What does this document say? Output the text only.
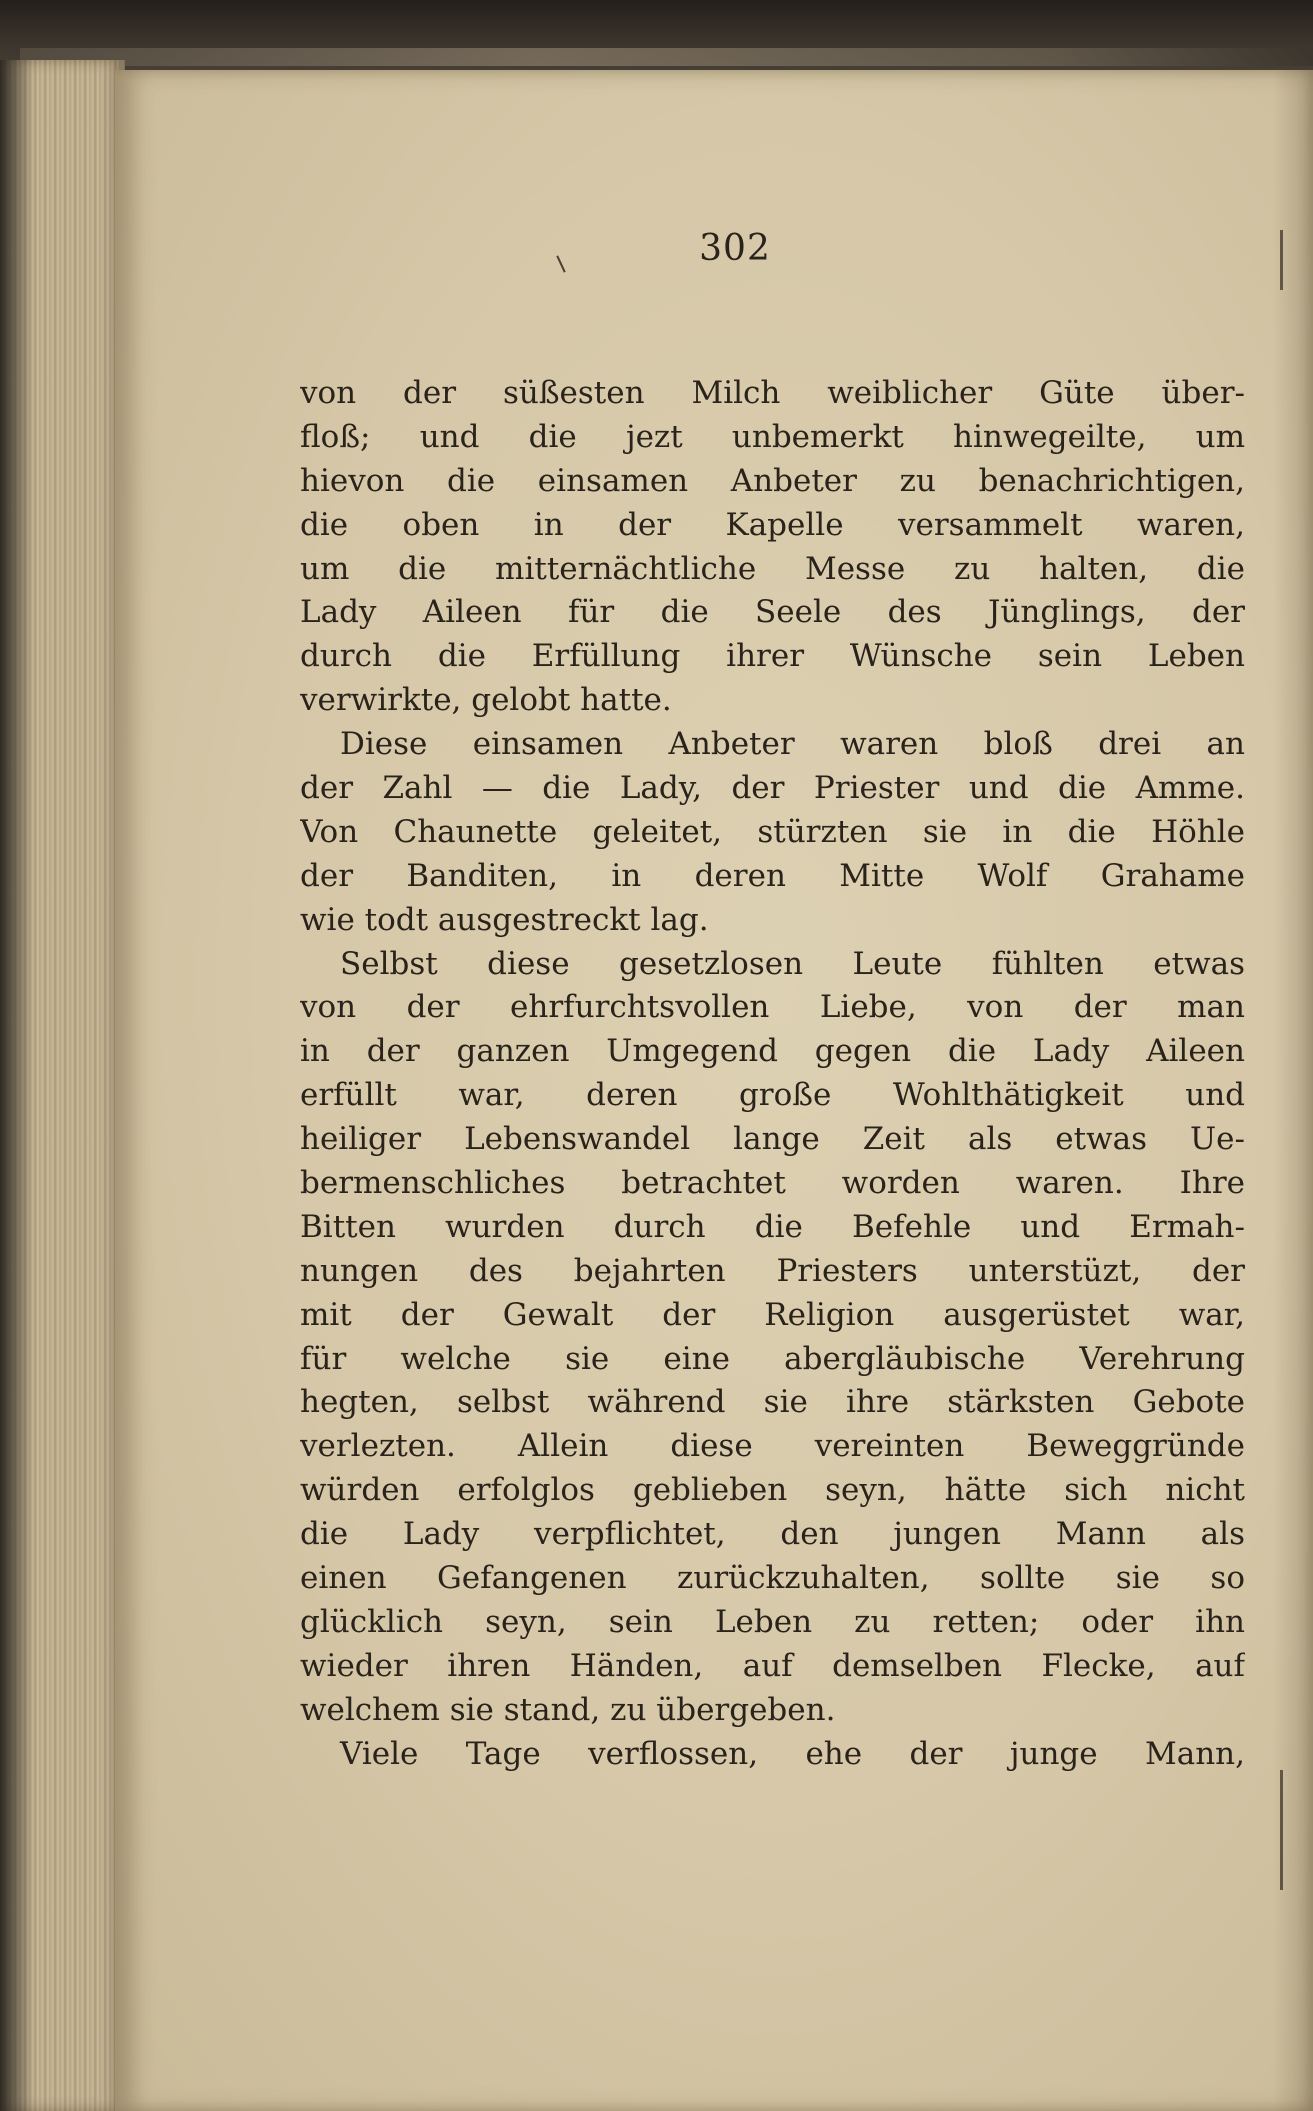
302

von der süßesten Milch weiblicher Güte über-
floß; und die jezt unbemerkt hinwegeilte, um
hievon die einsamen Anbeter zu benachrichtigen,
die oben in der Kapelle versammelt waren,
um die mitternächtliche Messe zu halten, die
Lady Aileen für die Seele des Jünglings, der
durch die Erfüllung ihrer Wünsche sein Leben
verwirkte, gelobt hatte.
Diese einsamen Anbeter waren bloß drei an
der Zahl — die Lady, der Priester und die Amme.
Von Chaunette geleitet, stürzten sie in die Höhle
der Banditen, in deren Mitte Wolf Grahame
wie todt ausgestreckt lag.
Selbst diese gesetzlosen Leute fühlten etwas
von der ehrfurchtsvollen Liebe, von der man
in der ganzen Umgegend gegen die Lady Aileen
erfüllt war, deren große Wohlthätigkeit und
heiliger Lebenswandel lange Zeit als etwas Ue-
bermenschliches betrachtet worden waren. Ihre
Bitten wurden durch die Befehle und Ermah-
nungen des bejahrten Priesters unterstüzt, der
mit der Gewalt der Religion ausgerüstet war,
für welche sie eine abergläubische Verehrung
hegten, selbst während sie ihre stärksten Gebote
verlezten. Allein diese vereinten Beweggründe
würden erfolglos geblieben seyn, hätte sich nicht
die Lady verpflichtet, den jungen Mann als
einen Gefangenen zurückzuhalten, sollte sie so
glücklich seyn, sein Leben zu retten; oder ihn
wieder ihren Händen, auf demselben Flecke, auf
welchem sie stand, zu übergeben.
Viele Tage verflossen, ehe der junge Mann,
